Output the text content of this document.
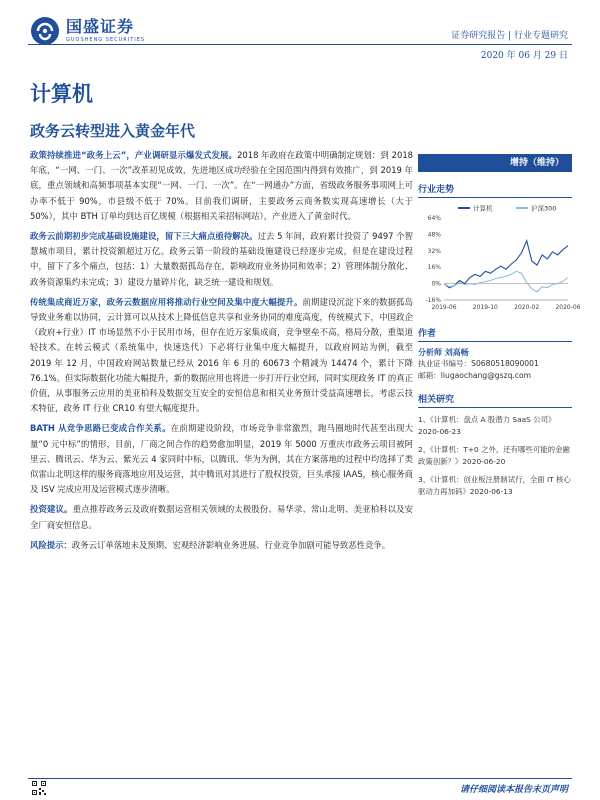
国盛证券
GUOSHENG SECURITIES	证券研究报告 | 行业专题研究
2020 年 06 月 29 日
计算机
政务云转型进入黄金年代

政策持续推进“政务上云”，产业调研显示爆发式发展。2018 年政府在政策中明确制定规划：到 2018 年底，“一网、一门、一次”改革初见成效，先进地区成功经验在全国范围内得到有效推广，到 2019 年底，重点领域和高频事项基本实现“一网、一门、一次”。在“一网通办”方面，省级政务服务事项网上可办率不低于 90%，市县级不低于 70%。目前我们调研，主要政务云商务数实现高速增长（大于 50%），其中 BTH 订单均到达百亿规模（根据相关采招标网站），产业进入了黄金时代。

政务云前期初步完成基础设施建设，留下三大痛点亟待解决。过去 5 年间，政府累计投资了 9497 个智慧城市项目，累计投资额超过万亿。政务云第一阶段的基础设施建设已经逐步完成，但是在建设过程中，留下了多个痛点，包括：1）大量数据孤岛存在，影响政府业务协同和效率；2）管理体制分散化、政务资源集约未完成；3）建设力量碎片化，缺乏统一建设和规划。

传统集成商近万家，政务云数据应用将推动行业空间及集中度大幅提升。前期建设沉淀下来的数据孤岛导致业务难以协同，云计算可以从技术上降低信息共享和业务协同的难度高度，传统模式下，中国政企（政府+行业）IT 市场显然不小于民用市场，但存在近万家集成商，竞争壁垒不高，格局分散，重渠道轻技术。在转云模式（系统集中，快速迭代）下必将行业集中度大幅提升，以政府网站为例，截至 2019 年 12 月，中国政府网站数量已经从 2016 年 6 月的 60673 个精减为 14474 个，累计下降 76.1%。但实际数据化功能大幅提升，新的数据应用也将进一步打开行业空间，同时实现政务 IT 的真正价值，从事服务云应用的美亚柏科及数据交互安全的安恒信息和相关业务预计受益高速增长，考虑云技术特征，政务 IT 行业 CR10 有望大幅度提升。

BATH 从竞争思路已变成合作关系。在前期建设阶段，市场竞争非常激烈，跑马圈地时代甚至出现大量“0 元中标”的情形，目前，厂商之间合作的趋势愈加明显，2019 年 5000 万重庆市政务云项目被阿里云、腾讯云、华为云、紫光云 4 家同时中标，以腾讯、华为为例，其在方案落地的过程中均选择了类似雷山北明这样的服务商落地应用及运营，其中腾讯对其进行了股权投资，巨头承接 IAAS，核心服务商及 ISV 完成应用及运营模式逐步清晰。

投资建议。重点推荐政务云及政府数据运营相关领域的太极股份、易华录、常山北明、美亚柏科以及安全厂商安恒信息。

风险提示：政务云订单落地未及预期、宏观经济影响业务进展、行业竞争加剧可能导致恶性竞争。

增持（维持）
行业走势
计算机	沪深300
-16%
0%
16%
32%
48%
64%
2019-06	2019-10	2020-02	2020-06
作者
分析师 刘高畅
执业证书编号：S0680518090001
邮箱：liugaochang@gszq.com
相关研究
1、《计算机：盘点 A 股潜力 SaaS 公司》2020-06-23
2、《计算机：T+0 之外，还有哪些可能的金融政策创新？》2020-06-20
3、《计算机：创业板注册制试行，全面 IT 核心驱动力再加码》2020-06-13
请仔细阅读本报告末页声明
